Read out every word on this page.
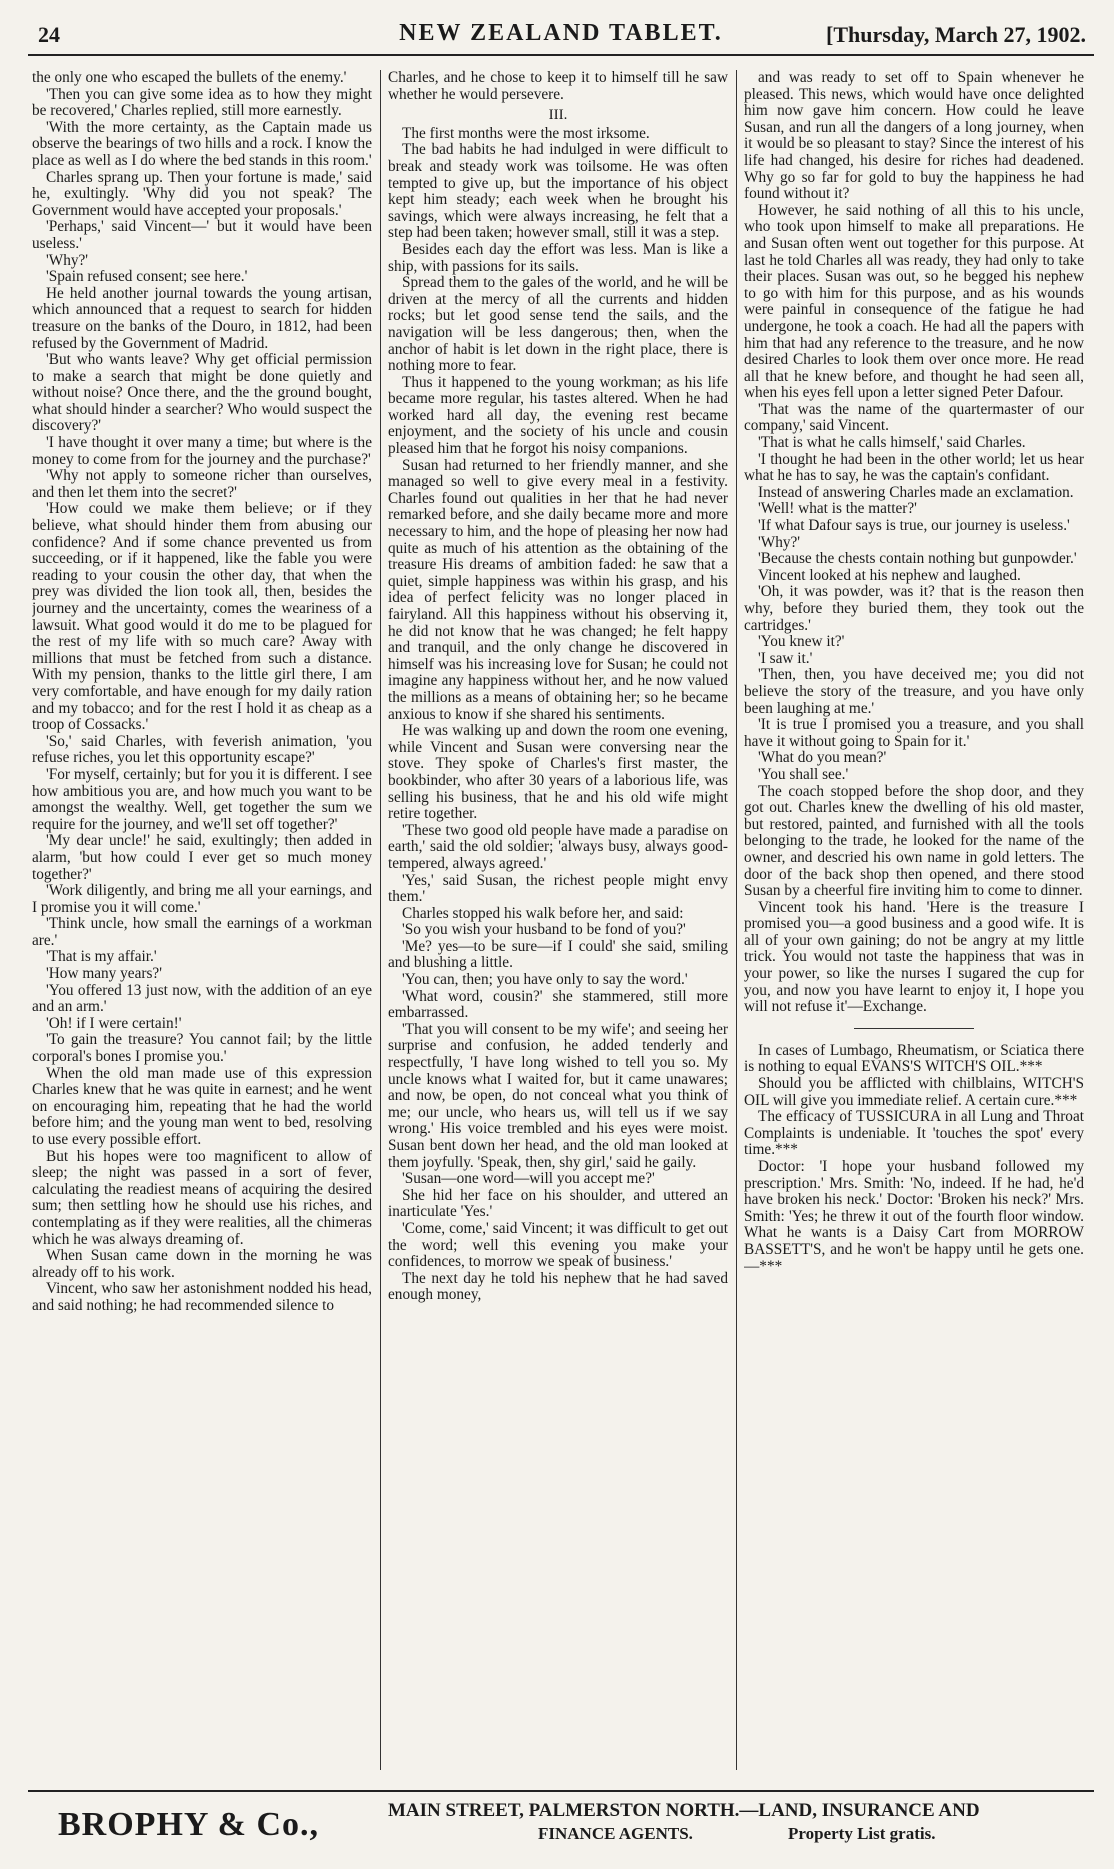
24	NEW ZEALAND TABLET.	[Thursday, March 27, 1902.

the only one who escaped the bullets of the enemy.'

'Then you can give some idea as to how they might be recovered,' Charles replied, still more earnestly.

'With the more certainty, as the Captain made us observe the bearings of two hills and a rock. I know the place as well as I do where the bed stands in this room.'

Charles sprang up. Then your fortune is made,' said he, exultingly. 'Why did you not speak? The Government would have accepted your proposals.'

'Perhaps,' said Vincent—' but it would have been useless.'

'Why?'

'Spain refused consent; see here.'

He held another journal towards the young artisan, which announced that a request to search for hidden treasure on the banks of the Douro, in 1812, had been refused by the Government of Madrid.

'But who wants leave? Why get official permission to make a search that might be done quietly and without noise? Once there, and the the ground bought, what should hinder a searcher? Who would suspect the discovery?'

'I have thought it over many a time; but where is the money to come from for the journey and the purchase?'

'Why not apply to someone richer than ourselves, and then let them into the secret?'

'How could we make them believe; or if they believe, what should hinder them from abusing our confidence? And if some chance prevented us from succeeding, or if it happened, like the fable you were reading to your cousin the other day, that when the prey was divided the lion took all, then, besides the journey and the uncertainty, comes the weariness of a lawsuit. What good would it do me to be plagued for the rest of my life with so much care? Away with millions that must be fetched from such a distance. With my pension, thanks to the little girl there, I am very comfortable, and have enough for my daily ration and my tobacco; and for the rest I hold it as cheap as a troop of Cossacks.'

'So,' said Charles, with feverish animation, 'you refuse riches, you let this opportunity escape?'

'For myself, certainly; but for you it is different. I see how ambitious you are, and how much you want to be amongst the wealthy. Well, get together the sum we require for the journey, and we'll set off together?'

'My dear uncle!' he said, exultingly; then added in alarm, 'but how could I ever get so much money together?'

'Work diligently, and bring me all your earnings, and I promise you it will come.'

'Think uncle, how small the earnings of a workman are.'

'That is my affair.'

'How many years?'

'You offered 13 just now, with the addition of an eye and an arm.'

'Oh! if I were certain!'

'To gain the treasure? You cannot fail; by the little corporal's bones I promise you.'

When the old man made use of this expression Charles knew that he was quite in earnest; and he went on encouraging him, repeating that he had the world before him; and the young man went to bed, resolving to use every possible effort.

But his hopes were too magnificent to allow of sleep; the night was passed in a sort of fever, calculating the readiest means of acquiring the desired sum; then settling how he should use his riches, and contemplating as if they were realities, all the chimeras which he was always dreaming of.

When Susan came down in the morning he was already off to his work.

Vincent, who saw her astonishment nodded his head, and said nothing; he had recommended silence to

Charles, and he chose to keep it to himself till he saw whether he would persevere.

III.

The first months were the most irksome.

The bad habits he had indulged in were difficult to break and steady work was toilsome. He was often tempted to give up, but the importance of his object kept him steady; each week when he brought his savings, which were always increasing, he felt that a step had been taken; however small, still it was a step.

Besides each day the effort was less. Man is like a ship, with passions for its sails.

Spread them to the gales of the world, and he will be driven at the mercy of all the currents and hidden rocks; but let good sense tend the sails, and the navigation will be less dangerous; then, when the anchor of habit is let down in the right place, there is nothing more to fear.

Thus it happened to the young workman; as his life became more regular, his tastes altered. When he had worked hard all day, the evening rest became enjoyment, and the society of his uncle and cousin pleased him that he forgot his noisy companions.

Susan had returned to her friendly manner, and she managed so well to give every meal in a festivity. Charles found out qualities in her that he had never remarked before, and she daily became more and more necessary to him, and the hope of pleasing her now had quite as much of his attention as the obtaining of the treasure His dreams of ambition faded: he saw that a quiet, simple happiness was within his grasp, and his idea of perfect felicity was no longer placed in fairyland. All this happiness without his observing it, he did not know that he was changed; he felt happy and tranquil, and the only change he discovered in himself was his increasing love for Susan; he could not imagine any happiness without her, and he now valued the millions as a means of obtaining her; so he became anxious to know if she shared his sentiments.

He was walking up and down the room one evening, while Vincent and Susan were conversing near the stove. They spoke of Charles's first master, the bookbinder, who after 30 years of a laborious life, was selling his business, that he and his old wife might retire together.

'These two good old people have made a paradise on earth,' said the old soldier; 'always busy, always good-tempered, always agreed.'

'Yes,' said Susan, the richest people might envy them.'

Charles stopped his walk before her, and said:

'So you wish your husband to be fond of you?'

'Me? yes—to be sure—if I could' she said, smiling and blushing a little.

'You can, then; you have only to say the word.'

'What word, cousin?' she stammered, still more embarrassed.

'That you will consent to be my wife'; and seeing her surprise and confusion, he added tenderly and respectfully, 'I have long wished to tell you so. My uncle knows what I waited for, but it came unawares; and now, be open, do not conceal what you think of me; our uncle, who hears us, will tell us if we say wrong.' His voice trembled and his eyes were moist. Susan bent down her head, and the old man looked at them joyfully. 'Speak, then, shy girl,' said he gaily.

'Susan—one word—will you accept me?'

She hid her face on his shoulder, and uttered an inarticulate 'Yes.'

'Come, come,' said Vincent; it was difficult to get out the word; well this evening you make your confidences, to morrow we speak of business.'

The next day he told his nephew that he had saved enough money,

and was ready to set off to Spain whenever he pleased. This news, which would have once delighted him now gave him concern. How could he leave Susan, and run all the dangers of a long journey, when it would be so pleasant to stay? Since the interest of his life had changed, his desire for riches had deadened. Why go so far for gold to buy the happiness he had found without it?

However, he said nothing of all this to his uncle, who took upon himself to make all preparations. He and Susan often went out together for this purpose. At last he told Charles all was ready, they had only to take their places. Susan was out, so he begged his nephew to go with him for this purpose, and as his wounds were painful in consequence of the fatigue he had undergone, he took a coach. He had all the papers with him that had any reference to the treasure, and he now desired Charles to look them over once more. He read all that he knew before, and thought he had seen all, when his eyes fell upon a letter signed Peter Dafour.

'That was the name of the quartermaster of our company,' said Vincent.

'That is what he calls himself,' said Charles.

'I thought he had been in the other world; let us hear what he has to say, he was the captain's confidant.

Instead of answering Charles made an exclamation.

'Well! what is the matter?'

'If what Dafour says is true, our journey is useless.'

'Why?'

'Because the chests contain nothing but gunpowder.'

Vincent looked at his nephew and laughed.

'Oh, it was powder, was it? that is the reason then why, before they buried them, they took out the cartridges.'

'You knew it?'

'I saw it.'

'Then, then, you have deceived me; you did not believe the story of the treasure, and you have only been laughing at me.'

'It is true I promised you a treasure, and you shall have it without going to Spain for it.'

'What do you mean?'

'You shall see.'

The coach stopped before the shop door, and they got out. Charles knew the dwelling of his old master, but restored, painted, and furnished with all the tools belonging to the trade, he looked for the name of the owner, and descried his own name in gold letters. The door of the back shop then opened, and there stood Susan by a cheerful fire inviting him to come to dinner.

Vincent took his hand. 'Here is the treasure I promised you—a good business and a good wife. It is all of your own gaining; do not be angry at my little trick. You would not taste the happiness that was in your power, so like the nurses I sugared the cup for you, and now you have learnt to enjoy it, I hope you will not refuse it'—Exchange.

In cases of Lumbago, Rheumatism, or Sciatica there is nothing to equal EVANS'S WITCH'S OIL.***

Should you be afflicted with chilblains, WITCH'S OIL will give you immediate relief. A certain cure.***

The efficacy of TUSSICURA in all Lung and Throat Complaints is undeniable. It 'touches the spot' every time.***

Doctor: 'I hope your husband followed my prescription.' Mrs. Smith: 'No, indeed. If he had, he'd have broken his neck.' Doctor: 'Broken his neck?' Mrs. Smith: 'Yes; he threw it out of the fourth floor window. What he wants is a Daisy Cart from MORROW BASSETT'S, and he won't be happy until he gets one.—***

BROPHY & Co.,	MAIN STREET, PALMERSTON NORTH.—LAND, INSURANCE AND
FINANCE AGENTS.	Property List gratis.
